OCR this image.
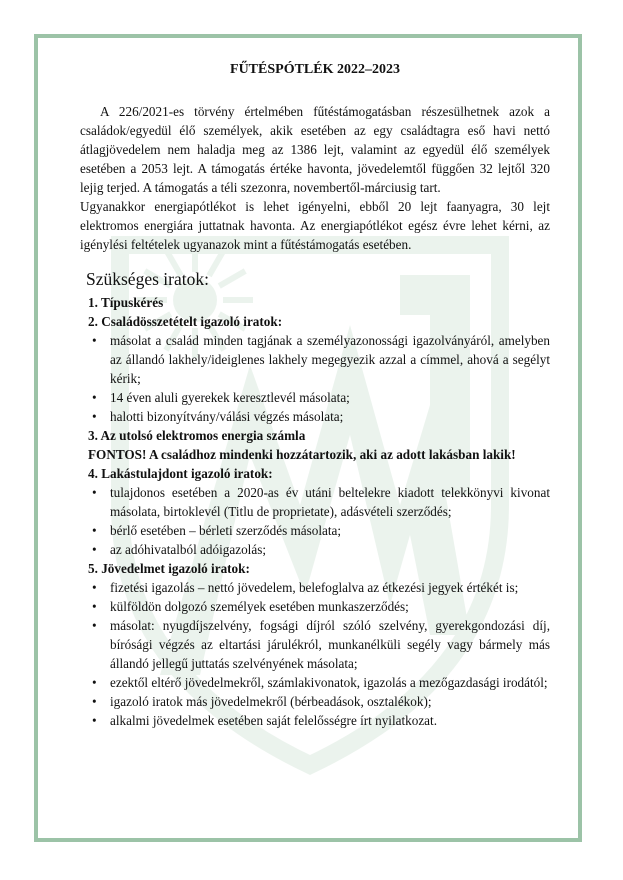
FŰTÉSPÓTLÉK 2022–2023

A 226/2021-es törvény értelmében fűtéstámogatásban részesülhetnek azok a családok/egyedül élő személyek, akik esetében az egy családtagra eső havi nettó átlagjövedelem nem haladja meg az 1386 lejt, valamint az egyedül élő személyek esetében a 2053 lejt. A támogatás értéke havonta, jövedelemtől függően 32 lejtől 320 lejig terjed. A támogatás a téli szezonra, novembertől-márciusig tart.

Ugyanakkor energiapótlékot is lehet igényelni, ebből 20 lejt faanyagra, 30 lejt elektromos energiára juttatnak havonta. Az energiapótlékot egész évre lehet kérni, az igénylési feltételek ugyanazok mint a fűtéstámogatás esetében.

Szükséges iratok:
1. Típuskérés
2. Családösszetételt igazoló iratok:
• másolat a család minden tagjának a személyazonossági igazolványáról, amelyben az állandó lakhely/ideiglenes lakhely megegyezik azzal a címmel, ahová a segélyt kérik;
• 14 éven aluli gyerekek keresztlevél másolata;
• halotti bizonyítvány/válási végzés másolata;
3. Az utolsó elektromos energia számla
FONTOS! A családhoz mindenki hozzátartozik, aki az adott lakásban lakik!
4. Lakástulajdont igazoló iratok:
• tulajdonos esetében a 2020-as év utáni beltelekre kiadott telekkönyvi kivonat másolata, birtoklevél (Titlu de proprietate), adásvételi szerződés;
• bérlő esetében – bérleti szerződés másolata;
• az adóhivatalból adóigazolás;
5. Jövedelmet igazoló iratok:
• fizetési igazolás – nettó jövedelem, belefoglalva az étkezési jegyek értékét is;
• külföldön dolgozó személyek esetében munkaszerződés;
• másolat: nyugdíjszelvény, fogsági díjról szóló szelvény, gyerekgondozási díj, bírósági végzés az eltartási járulékról, munkanélküli segély vagy bármely más állandó jellegű juttatás szelvényének másolata;
• ezektől eltérő jövedelmekről, számlakivonatok, igazolás a mezőgazdasági irodától;
• igazoló iratok más jövedelmekről (bérbeadások, osztalékok);
• alkalmi jövedelmek esetében saját felelősségre írt nyilatkozat.
